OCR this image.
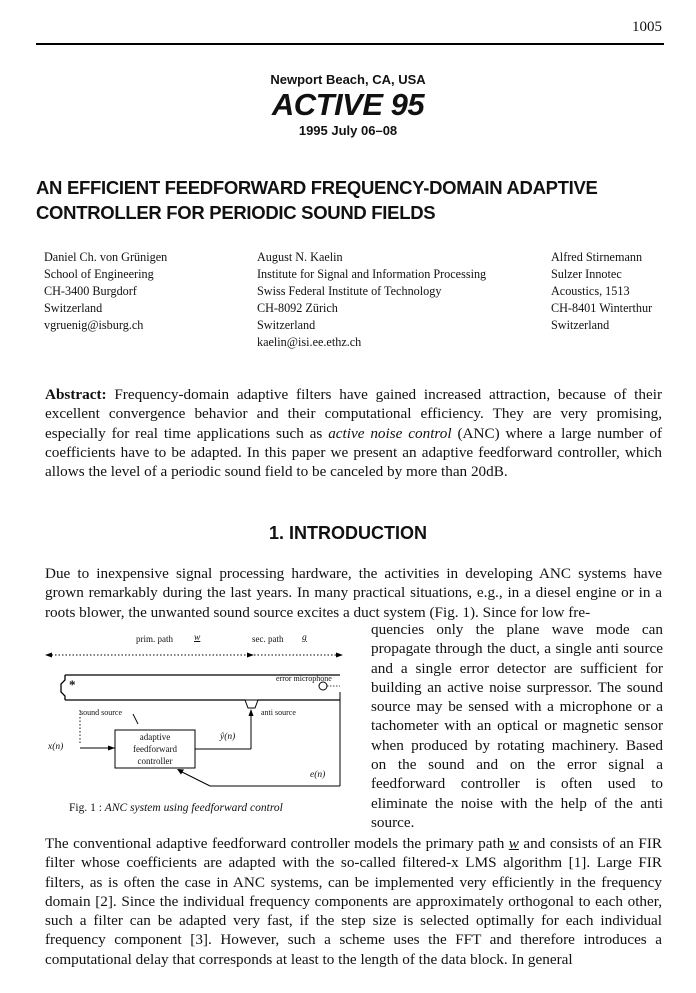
1005
Newport Beach, CA, USA
ACTIVE 95
1995 July 06–08
AN EFFICIENT FEEDFORWARD FREQUENCY-DOMAIN ADAPTIVE
CONTROLLER FOR PERIODIC SOUND FIELDS
Daniel Ch. von Grünigen
School of Engineering
CH-3400 Burgdorf
Switzerland
vgruenig@isburg.ch
August N. Kaelin
Institute for Signal and Information Processing
Swiss Federal Institute of Technology
CH-8092 Zürich
Switzerland
kaelin@isi.ee.ethz.ch
Alfred Stirnemann
Sulzer Innotec
Acoustics, 1513
CH-8401 Winterthur
Switzerland
Abstract: Frequency-domain adaptive filters have gained increased attraction, because of their excellent convergence behavior and their computational efficiency. They are very promising, especially for real time applications such as active noise control (ANC) where a large number of coefficients have to be adapted. In this paper we present an adaptive feedforward controller, which allows the level of a periodic sound field to be canceled by more than 20dB.
1. INTRODUCTION
Due to inexpensive signal processing hardware, the activities in developing ANC systems have grown remarkably during the last years. In many practical situations, e.g., in a diesel engine or in a roots blower, the unwanted sound source excites a duct system (Fig. 1). Since for low fre-
prim. path w	sec. path g
error microphone
*
sound source	anti source
adaptive
feedforward
controller
x(n)
ŷ(n)
e(n)
Fig. 1 : ANC system using feedforward control
quencies only the plane wave mode can propagate through the duct, a single anti source and a single error detector are sufficient for building an active noise surpressor. The sound source may be sensed with a microphone or a tachometer with an optical or magnetic sensor when produced by rotating machinery. Based on the sound and on the error signal a feedforward controller is often used to eliminate the noise with the help of the anti source.
The conventional adaptive feedforward controller models the primary path w and consists of an FIR filter whose coefficients are adapted with the so-called filtered-x LMS algorithm [1]. Large FIR filters, as is often the case in ANC systems, can be implemented very efficiently in the frequency domain [2]. Since the individual frequency components are approximately orthogonal to each other, such a filter can be adapted very fast, if the step size is selected optimally for each individual frequency component [3]. However, such a scheme uses the FFT and therefore introduces a computational delay that corresponds at least to the length of the data block. In general
